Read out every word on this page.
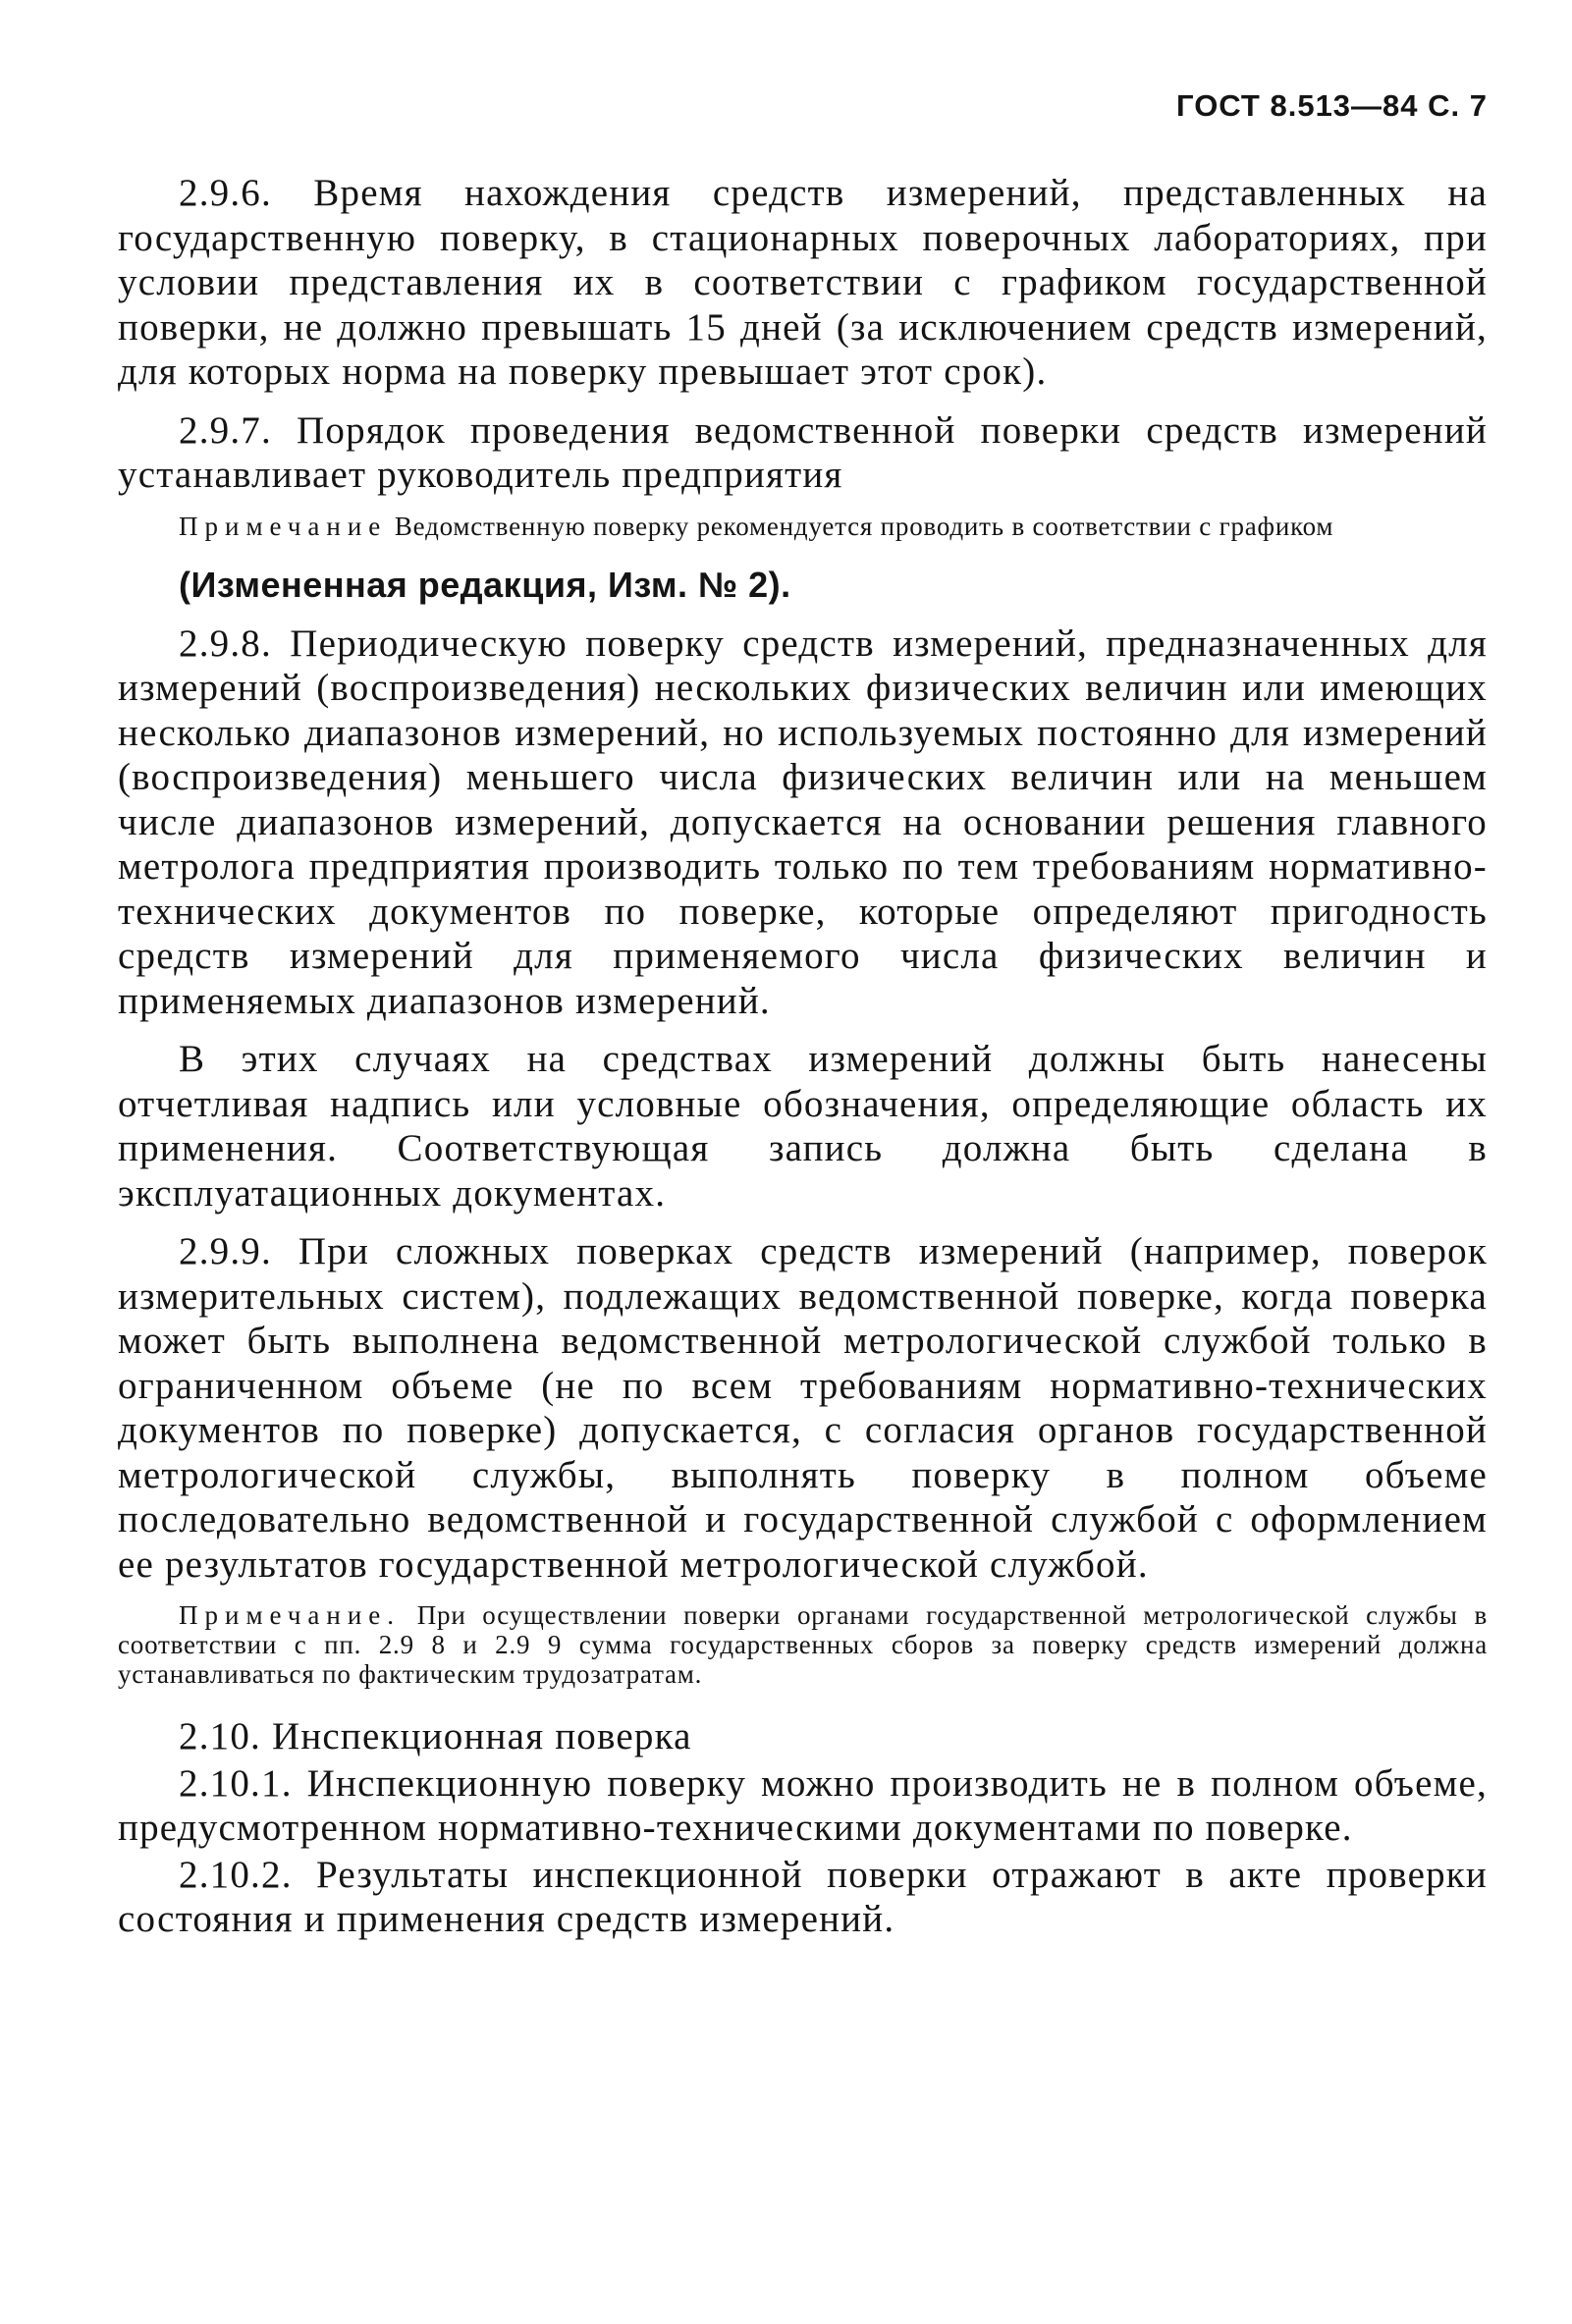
ГОСТ 8.513—84 С. 7

2.9.6. Время нахождения средств измерений, представленных на государственную поверку, в стационарных поверочных лабораториях, при условии представления их в соответствии с графиком государственной поверки, не должно превышать 15 дней (за исключением средств измерений, для которых норма на поверку превышает этот срок).

2.9.7. Порядок проведения ведомственной поверки средств измерений устанавливает руководитель предприятия

Примечание Ведомственную поверку рекомендуется проводить в соответствии с графиком

(Измененная редакция, Изм. № 2).

2.9.8. Периодическую поверку средств измерений, предназначенных для измерений (воспроизведения) нескольких физических величин или имеющих несколько диапазонов измерений, но используемых постоянно для измерений (воспроизведения) меньшего числа физических величин или на меньшем числе диапазонов измерений, допускается на основании решения главного метролога предприятия производить только по тем требованиям нормативно-технических документов по поверке, которые определяют пригодность средств измерений для применяемого числа физических величин и применяемых диапазонов измерений.

В этих случаях на средствах измерений должны быть нанесены отчетливая надпись или условные обозначения, определяющие область их применения. Соответствующая запись должна быть сделана в эксплуатационных документах.

2.9.9. При сложных поверках средств измерений (например, поверок измерительных систем), подлежащих ведомственной поверке, когда поверка может быть выполнена ведомственной метрологической службой только в ограниченном объеме (не по всем требованиям нормативно-технических документов по поверке) допускается, с согласия органов государственной метрологической службы, выполнять поверку в полном объеме последовательно ведомственной и государственной службой с оформлением ее результатов государственной метрологической службой.

Примечание. При осуществлении поверки органами государственной метрологической службы в соответствии с пп. 2.9 8 и 2.9 9 сумма государственных сборов за поверку средств измерений должна устанавливаться по фактическим трудозатратам.

2.10. Инспекционная поверка

2.10.1. Инспекционную поверку можно производить не в полном объеме, предусмотренном нормативно-техническими документами по поверке.

2.10.2. Результаты инспекционной поверки отражают в акте проверки состояния и применения средств измерений.
